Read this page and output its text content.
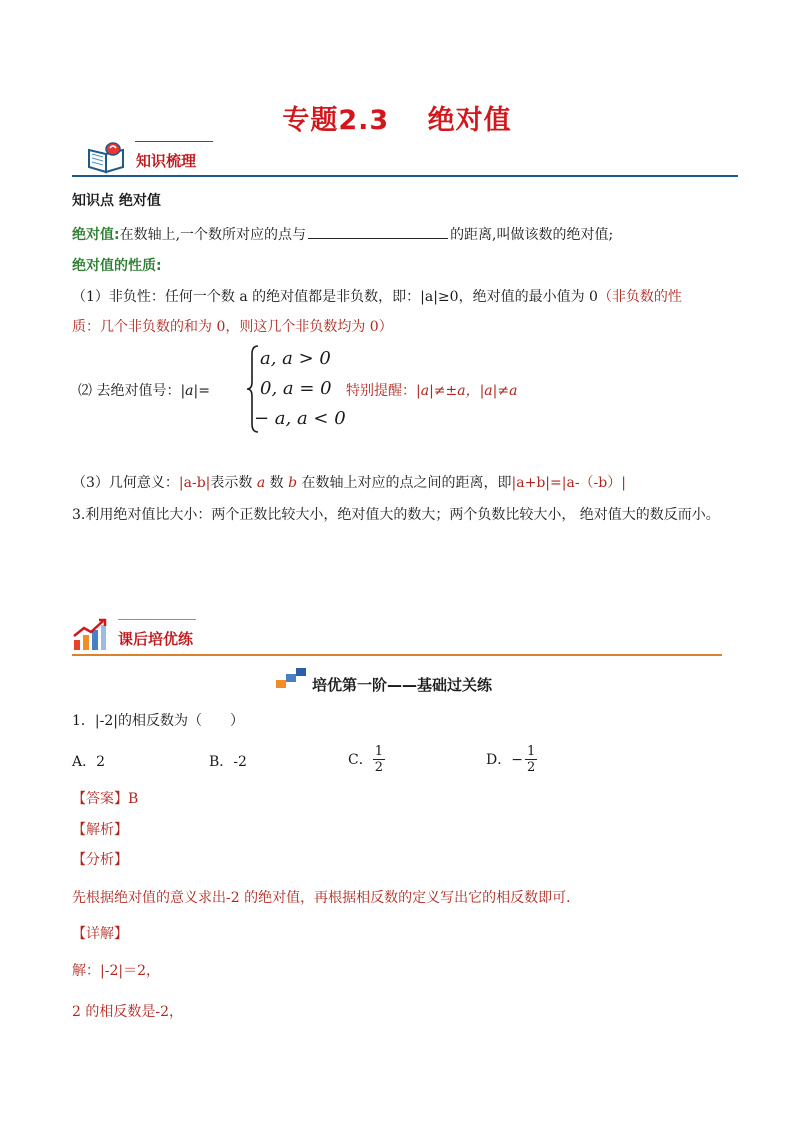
专题2.3　 绝对值
知识梳理
知识点 绝对值
绝对值:在数轴上,一个数所对应的点与	的距离,叫做该数的绝对值;
绝对值的性质:
（1）非负性：任何一个数 a 的绝对值都是非负数，即：|a|≥0，绝对值的最小值为 0（非负数的性
质：几个非负数的和为 0，则这几个非负数均为 0）
⑵ 去绝对值号：|a|=
a, a > 0
0, a = 0
− a, a < 0
特别提醒：|a|≠±a，|a|≠a
（3）几何意义：|a-b|表示数 a 数 b 在数轴上对应的点之间的距离，即|a+b|=|a-（-b）|
3.利用绝对值比大小：两个正数比较大小，绝对值大的数大；两个负数比较大小， 绝对值大的数反而小。
课后培优练
培优第一阶——基础过关练
1．|-2|的相反数为（　　）
A．2	B．-2	C． $\frac{1}{2}$	D． − $\frac{1}{2}$
【答案】B
【解析】
【分析】
先根据绝对值的意义求出-2 的绝对值，再根据相反数的定义写出它的相反数即可．
【详解】
解：|-2|＝2，
2 的相反数是-2，
